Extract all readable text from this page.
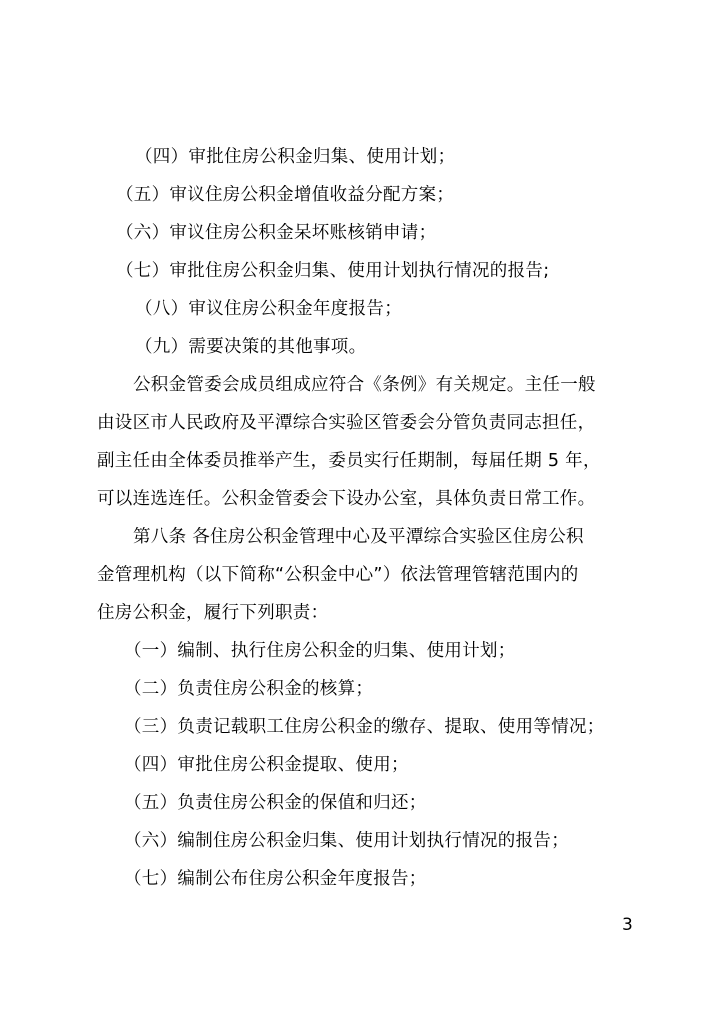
（四）审批住房公积金归集、使用计划；
（五）审议住房公积金增值收益分配方案；
（六）审议住房公积金呆坏账核销申请；
（七）审批住房公积金归集、使用计划执行情况的报告;
（八）审议住房公积金年度报告；
（九）需要决策的其他事项。
公积金管委会成员组成应符合《条例》有关规定。主任一般
由设区市人民政府及平潭综合实验区管委会分管负责同志担任，
副主任由全体委员推举产生，委员实行任期制，每届任期 5 年，
可以连选连任。公积金管委会下设办公室，具体负责日常工作。
第八条 各住房公积金管理中心及平潭综合实验区住房公积
金管理机构（以下简称“公积金中心”）依法管理管辖范围内的
住房公积金，履行下列职责：
（一）编制、执行住房公积金的归集、使用计划；
（二）负责住房公积金的核算；
（三）负责记载职工住房公积金的缴存、提取、使用等情况；
（四）审批住房公积金提取、使用；
（五）负责住房公积金的保值和归还；
（六）编制住房公积金归集、使用计划执行情况的报告；
（七）编制公布住房公积金年度报告；
3
